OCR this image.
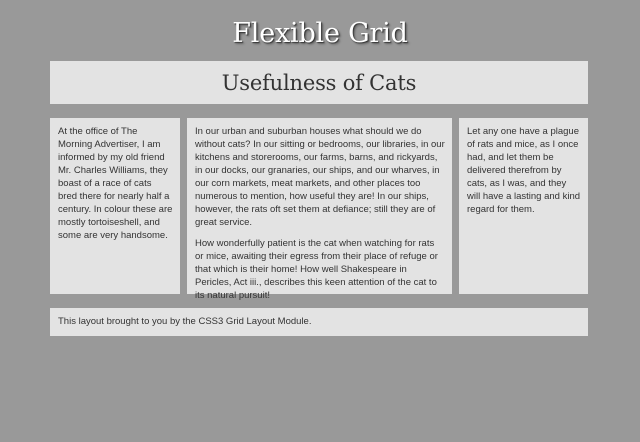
Flexible Grid
Usefulness of Cats

At the office of The Morning Advertiser, I am informed by my old friend Mr. Charles Williams, they boast of a race of cats bred there for nearly half a century. In colour these are mostly tortoiseshell, and some are very handsome.

In our urban and suburban houses what should we do without cats? In our sitting or bedrooms, our libraries, in our kitchens and storerooms, our farms, barns, and rickyards, in our docks, our granaries, our ships, and our wharves, in our corn markets, meat markets, and other places too numerous to mention, how useful they are! In our ships, however, the rats oft set them at defiance; still they are of great service.

How wonderfully patient is the cat when watching for rats or mice, awaiting their egress from their place of refuge or that which is their home! How well Shakespeare in Pericles, Act iii., describes this keen attention of the cat to its natural pursuit!

Let any one have a plague of rats and mice, as I once had, and let them be delivered therefrom by cats, as I was, and they will have a lasting and kind regard for them.

This layout brought to you by the CSS3 Grid Layout Module.
